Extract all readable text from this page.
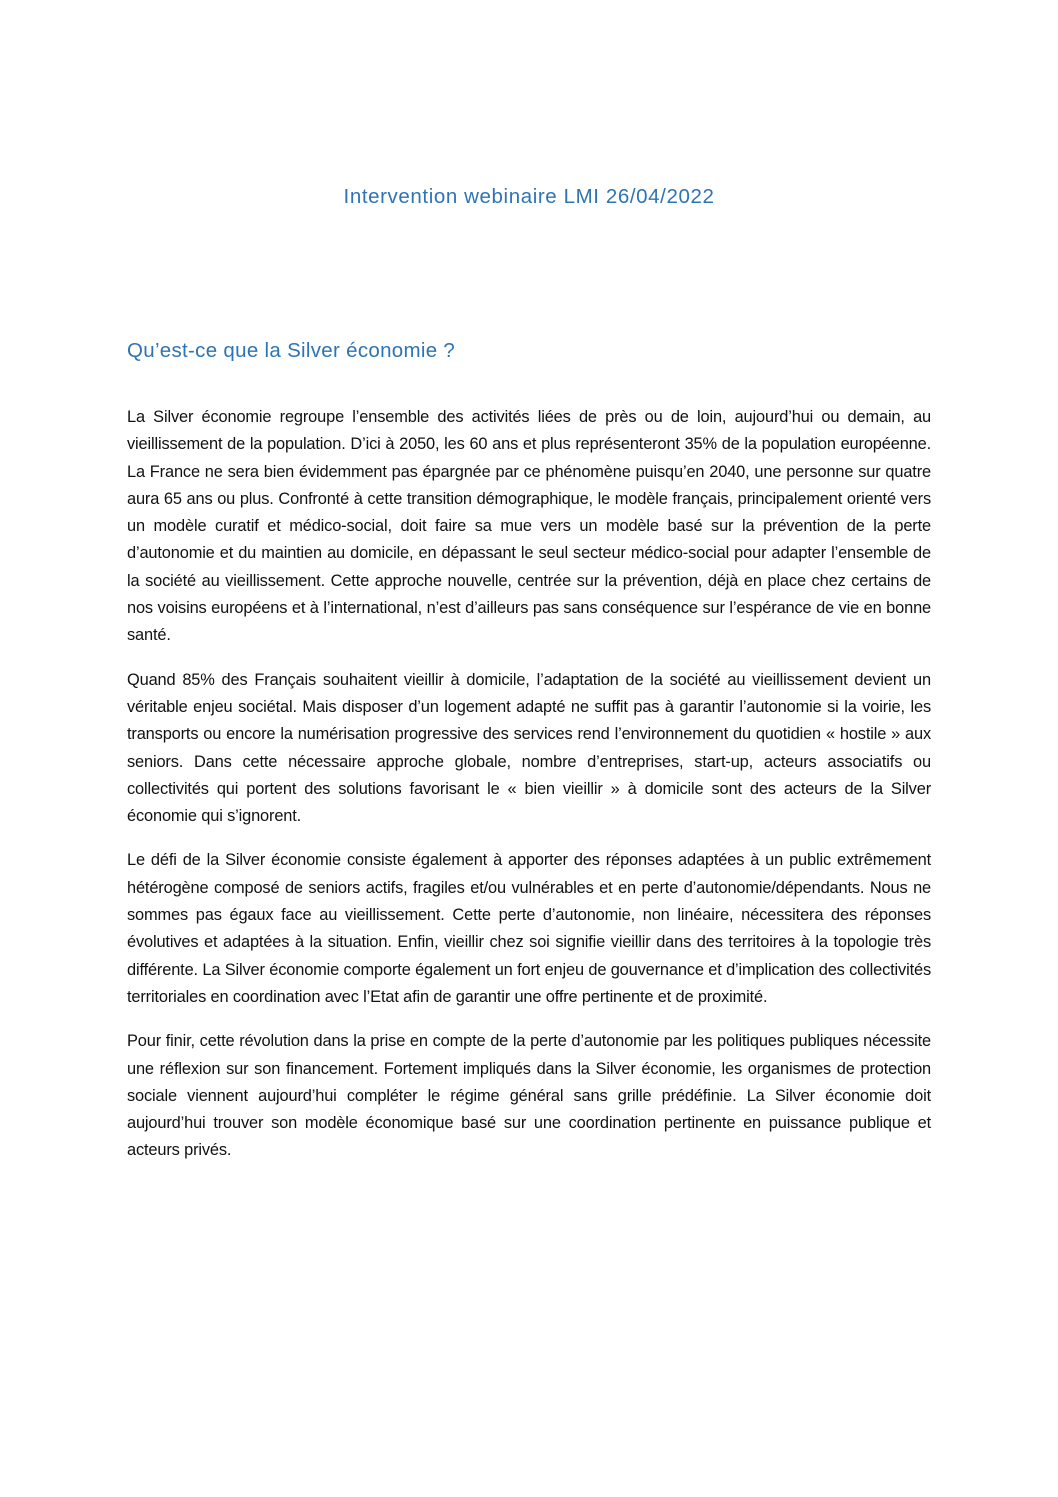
Intervention webinaire LMI 26/04/2022
Qu’est-ce que la Silver économie ?

La Silver économie regroupe l’ensemble des activités liées de près ou de loin, aujourd’hui ou demain, au vieillissement de la population. D’ici à 2050, les 60 ans et plus représenteront 35% de la population européenne. La France ne sera bien évidemment pas épargnée par ce phénomène puisqu’en 2040, une personne sur quatre aura 65 ans ou plus. Confronté à cette transition démographique, le modèle français, principalement orienté vers un modèle curatif et médico-social, doit faire sa mue vers un modèle basé sur la prévention de la perte d’autonomie et du maintien au domicile, en dépassant le seul secteur médico-social pour adapter l’ensemble de la société au vieillissement. Cette approche nouvelle, centrée sur la prévention, déjà en place chez certains de nos voisins européens et à l’international, n’est d’ailleurs pas sans conséquence sur l’espérance de vie en bonne santé.

Quand 85% des Français souhaitent vieillir à domicile, l’adaptation de la société au vieillissement devient un véritable enjeu sociétal. Mais disposer d’un logement adapté ne suffit pas à garantir l’autonomie si la voirie, les transports ou encore la numérisation progressive des services rend l’environnement du quotidien « hostile » aux seniors. Dans cette nécessaire approche globale, nombre d’entreprises, start-up, acteurs associatifs ou collectivités qui portent des solutions favorisant le « bien vieillir » à domicile sont des acteurs de la Silver économie qui s’ignorent.

Le défi de la Silver économie consiste également à apporter des réponses adaptées à un public extrêmement hétérogène composé de seniors actifs, fragiles et/ou vulnérables et en perte d’autonomie/dépendants. Nous ne sommes pas égaux face au vieillissement. Cette perte d’autonomie, non linéaire, nécessitera des réponses évolutives et adaptées à la situation. Enfin, vieillir chez soi signifie vieillir dans des territoires à la topologie très différente. La Silver économie comporte également un fort enjeu de gouvernance et d’implication des collectivités territoriales en coordination avec l’Etat afin de garantir une offre pertinente et de proximité.

Pour finir, cette révolution dans la prise en compte de la perte d’autonomie par les politiques publiques nécessite une réflexion sur son financement. Fortement impliqués dans la Silver économie, les organismes de protection sociale viennent aujourd’hui compléter le régime général sans grille prédéfinie. La Silver économie doit aujourd’hui trouver son modèle économique basé sur une coordination pertinente en puissance publique et acteurs privés.
